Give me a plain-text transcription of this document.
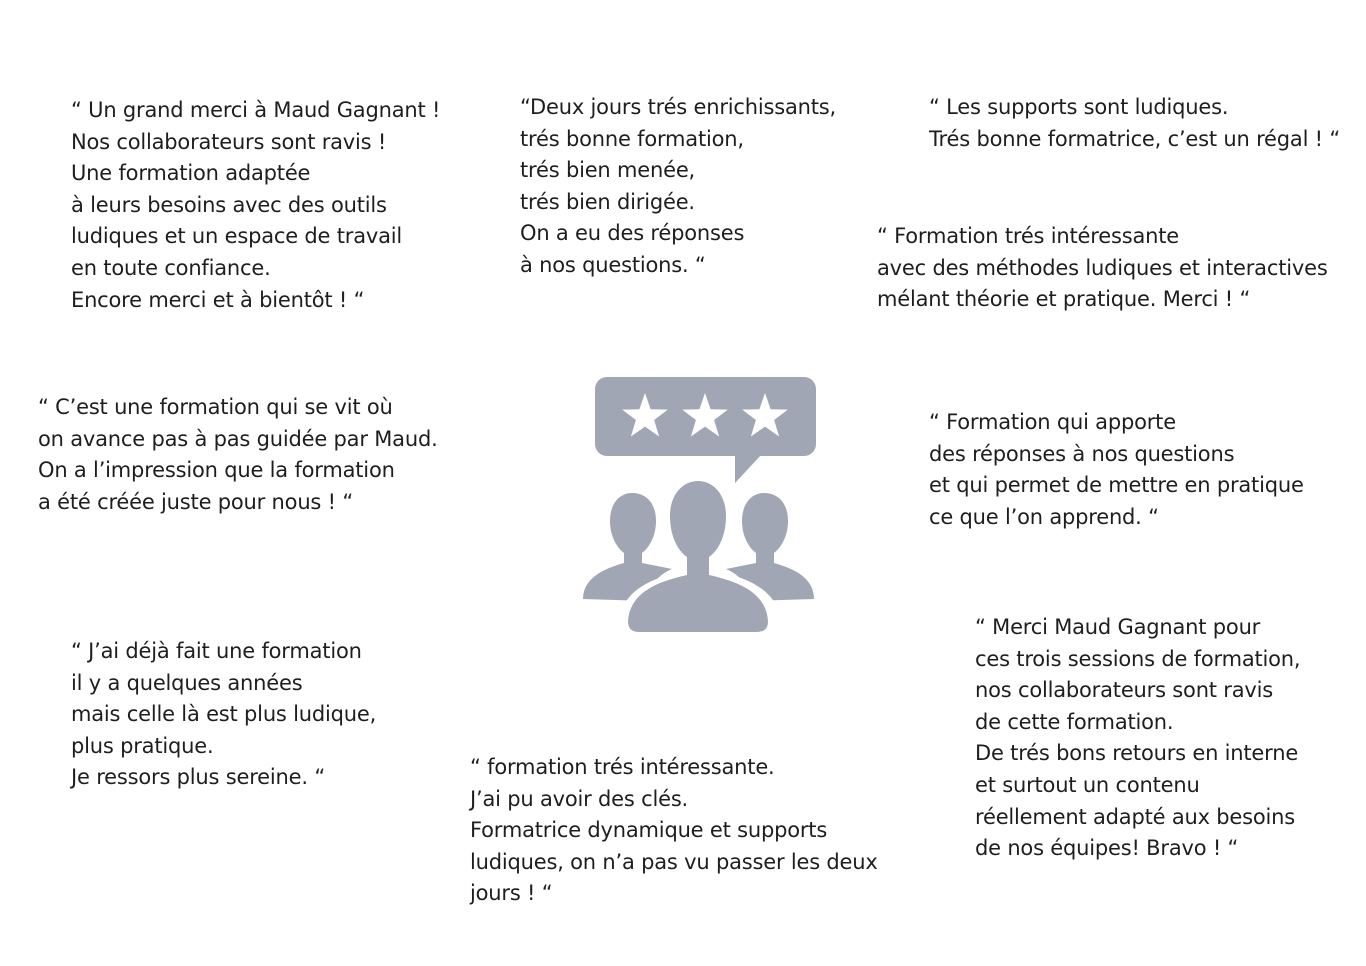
“ Un grand merci à Maud Gagnant !
Nos collaborateurs sont ravis !
Une formation adaptée
à leurs besoins avec des outils
ludiques et un espace de travail
en toute confiance.
Encore merci et à bientôt ! “
“Deux jours trés enrichissants,
trés bonne formation,
trés bien menée,
trés bien dirigée.
On a eu des réponses
à nos questions. “
“ Les supports sont ludiques.
Trés bonne formatrice, c’est un régal ! “
“ Formation trés intéressante
avec des méthodes ludiques et interactives
mélant théorie et pratique. Merci ! “
“ C’est une formation qui se vit où
on avance pas à pas guidée par Maud.
On a l’impression que la formation
a été créée juste pour nous ! “
“ Formation qui apporte
des réponses à nos questions
et qui permet de mettre en pratique
ce que l’on apprend. “
“ J’ai déjà fait une formation
il y a quelques années
mais celle là est plus ludique,
plus pratique.
Je ressors plus sereine. “
“ Merci Maud Gagnant pour
ces trois sessions de formation,
nos collaborateurs sont ravis
de cette formation.
De trés bons retours en interne
et surtout un contenu
réellement adapté aux besoins
de nos équipes! Bravo ! “
“ formation trés intéressante.
J’ai pu avoir des clés.
Formatrice dynamique et supports
ludiques, on n’a pas vu passer les deux
jours ! “
